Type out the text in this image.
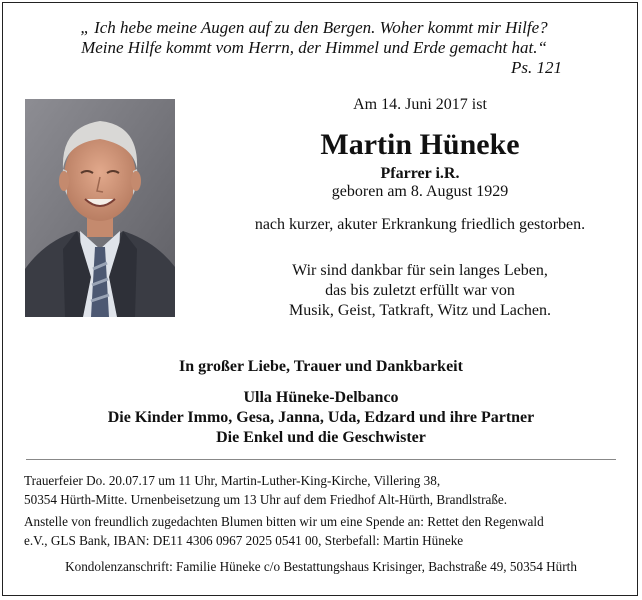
„ Ich hebe meine Augen auf zu den Bergen. Woher kommt mir Hilfe?
Meine Hilfe kommt vom Herrn, der Himmel und Erde gemacht hat.“
Ps. 121
Am 14. Juni 2017 ist
Martin Hüneke
Pfarrer i.R.
geboren am 8. August 1929
nach kurzer, akuter Erkrankung friedlich gestorben.
Wir sind dankbar für sein langes Leben,
das bis zuletzt erfüllt war von
Musik, Geist, Tatkraft, Witz und Lachen.
In großer Liebe, Trauer und Dankbarkeit
Ulla Hüneke-Delbanco
Die Kinder Immo, Gesa, Janna, Uda, Edzard und ihre Partner
Die Enkel und die Geschwister
Trauerfeier Do. 20.07.17 um 11 Uhr, Martin-Luther-King-Kirche, Villering 38,
50354 Hürth-Mitte. Urnenbeisetzung um 13 Uhr auf dem Friedhof Alt-Hürth, Brandlstraße.
Anstelle von freundlich zugedachten Blumen bitten wir um eine Spende an: Rettet den Regenwald
e.V., GLS Bank, IBAN: DE11 4306 0967 2025 0541 00, Sterbefall: Martin Hüneke
Kondolenzanschrift: Familie Hüneke c/o Bestattungshaus Krisinger, Bachstraße 49, 50354 Hürth
